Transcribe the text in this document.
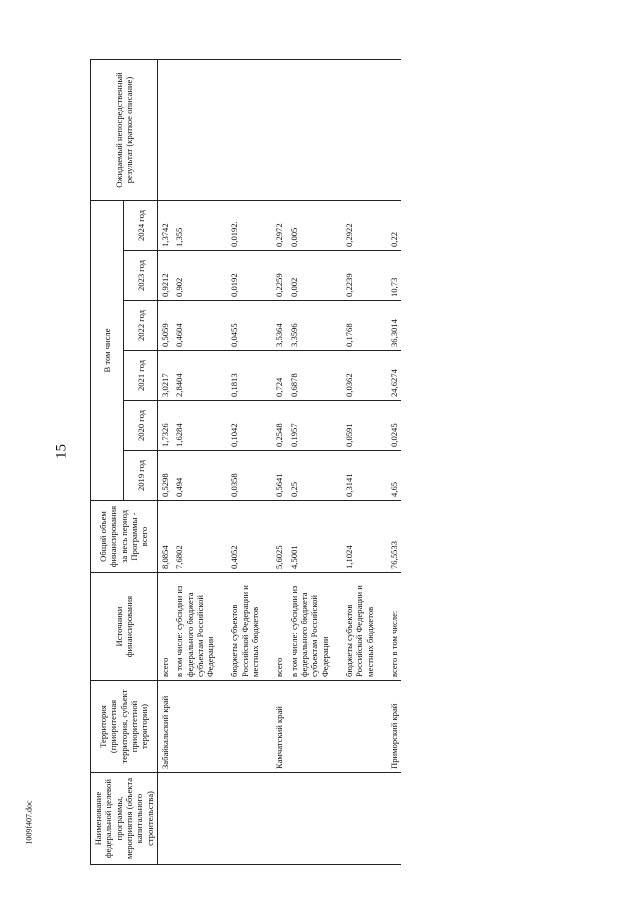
15
1009f407.doc	Наименование федеральной целевой программы, мероприятия (объекта капитального строительства)	Территория (приоритетная территория, субъект приоритетной территории)	Источники финансирования	Общий объем финансирования за весь период Программы - всего	В том числе						Ожидаемый непосредственный результат (краткое описание)
				2019 год	2020 год	2021 год	2022 год	2023 год	2024 год	
	Забайкальский край	всего	8,0854	0,5298	1,7326	3,0217	0,5059	0,9212	1,3742	
		в том числе: субсидии из федерального бюджета субъектам Российской Федерации	7,6802	0,494	1,6284	2,8404	0,4604	0,902	1,355	

		бюджеты субъектов Российской Федерации и местных бюджетов	0,4052	0,0358	0,1042	0,1813	0,0455	0,0192	0,0192.	

	Камчатский край	всего	5,6025	0,5641	0,2548	0,724	3,5364	0,2259	0,2972	
		в том числе: субсидии из федерального бюджета субъектам Российской Федерации	4,5001	0,25	0,1957	0,6878	3,3596	0,002	0,005	

		бюджеты субъектов Российской Федерации и местных бюджетов	1,1024	0,3141	0,0591	0,0362	0,1768	0,2239	0,2922	

	Приморский край	всего в том числе:	76,5533	4,65	0,0245	24,6274	36,3014	10,73	0,22	
